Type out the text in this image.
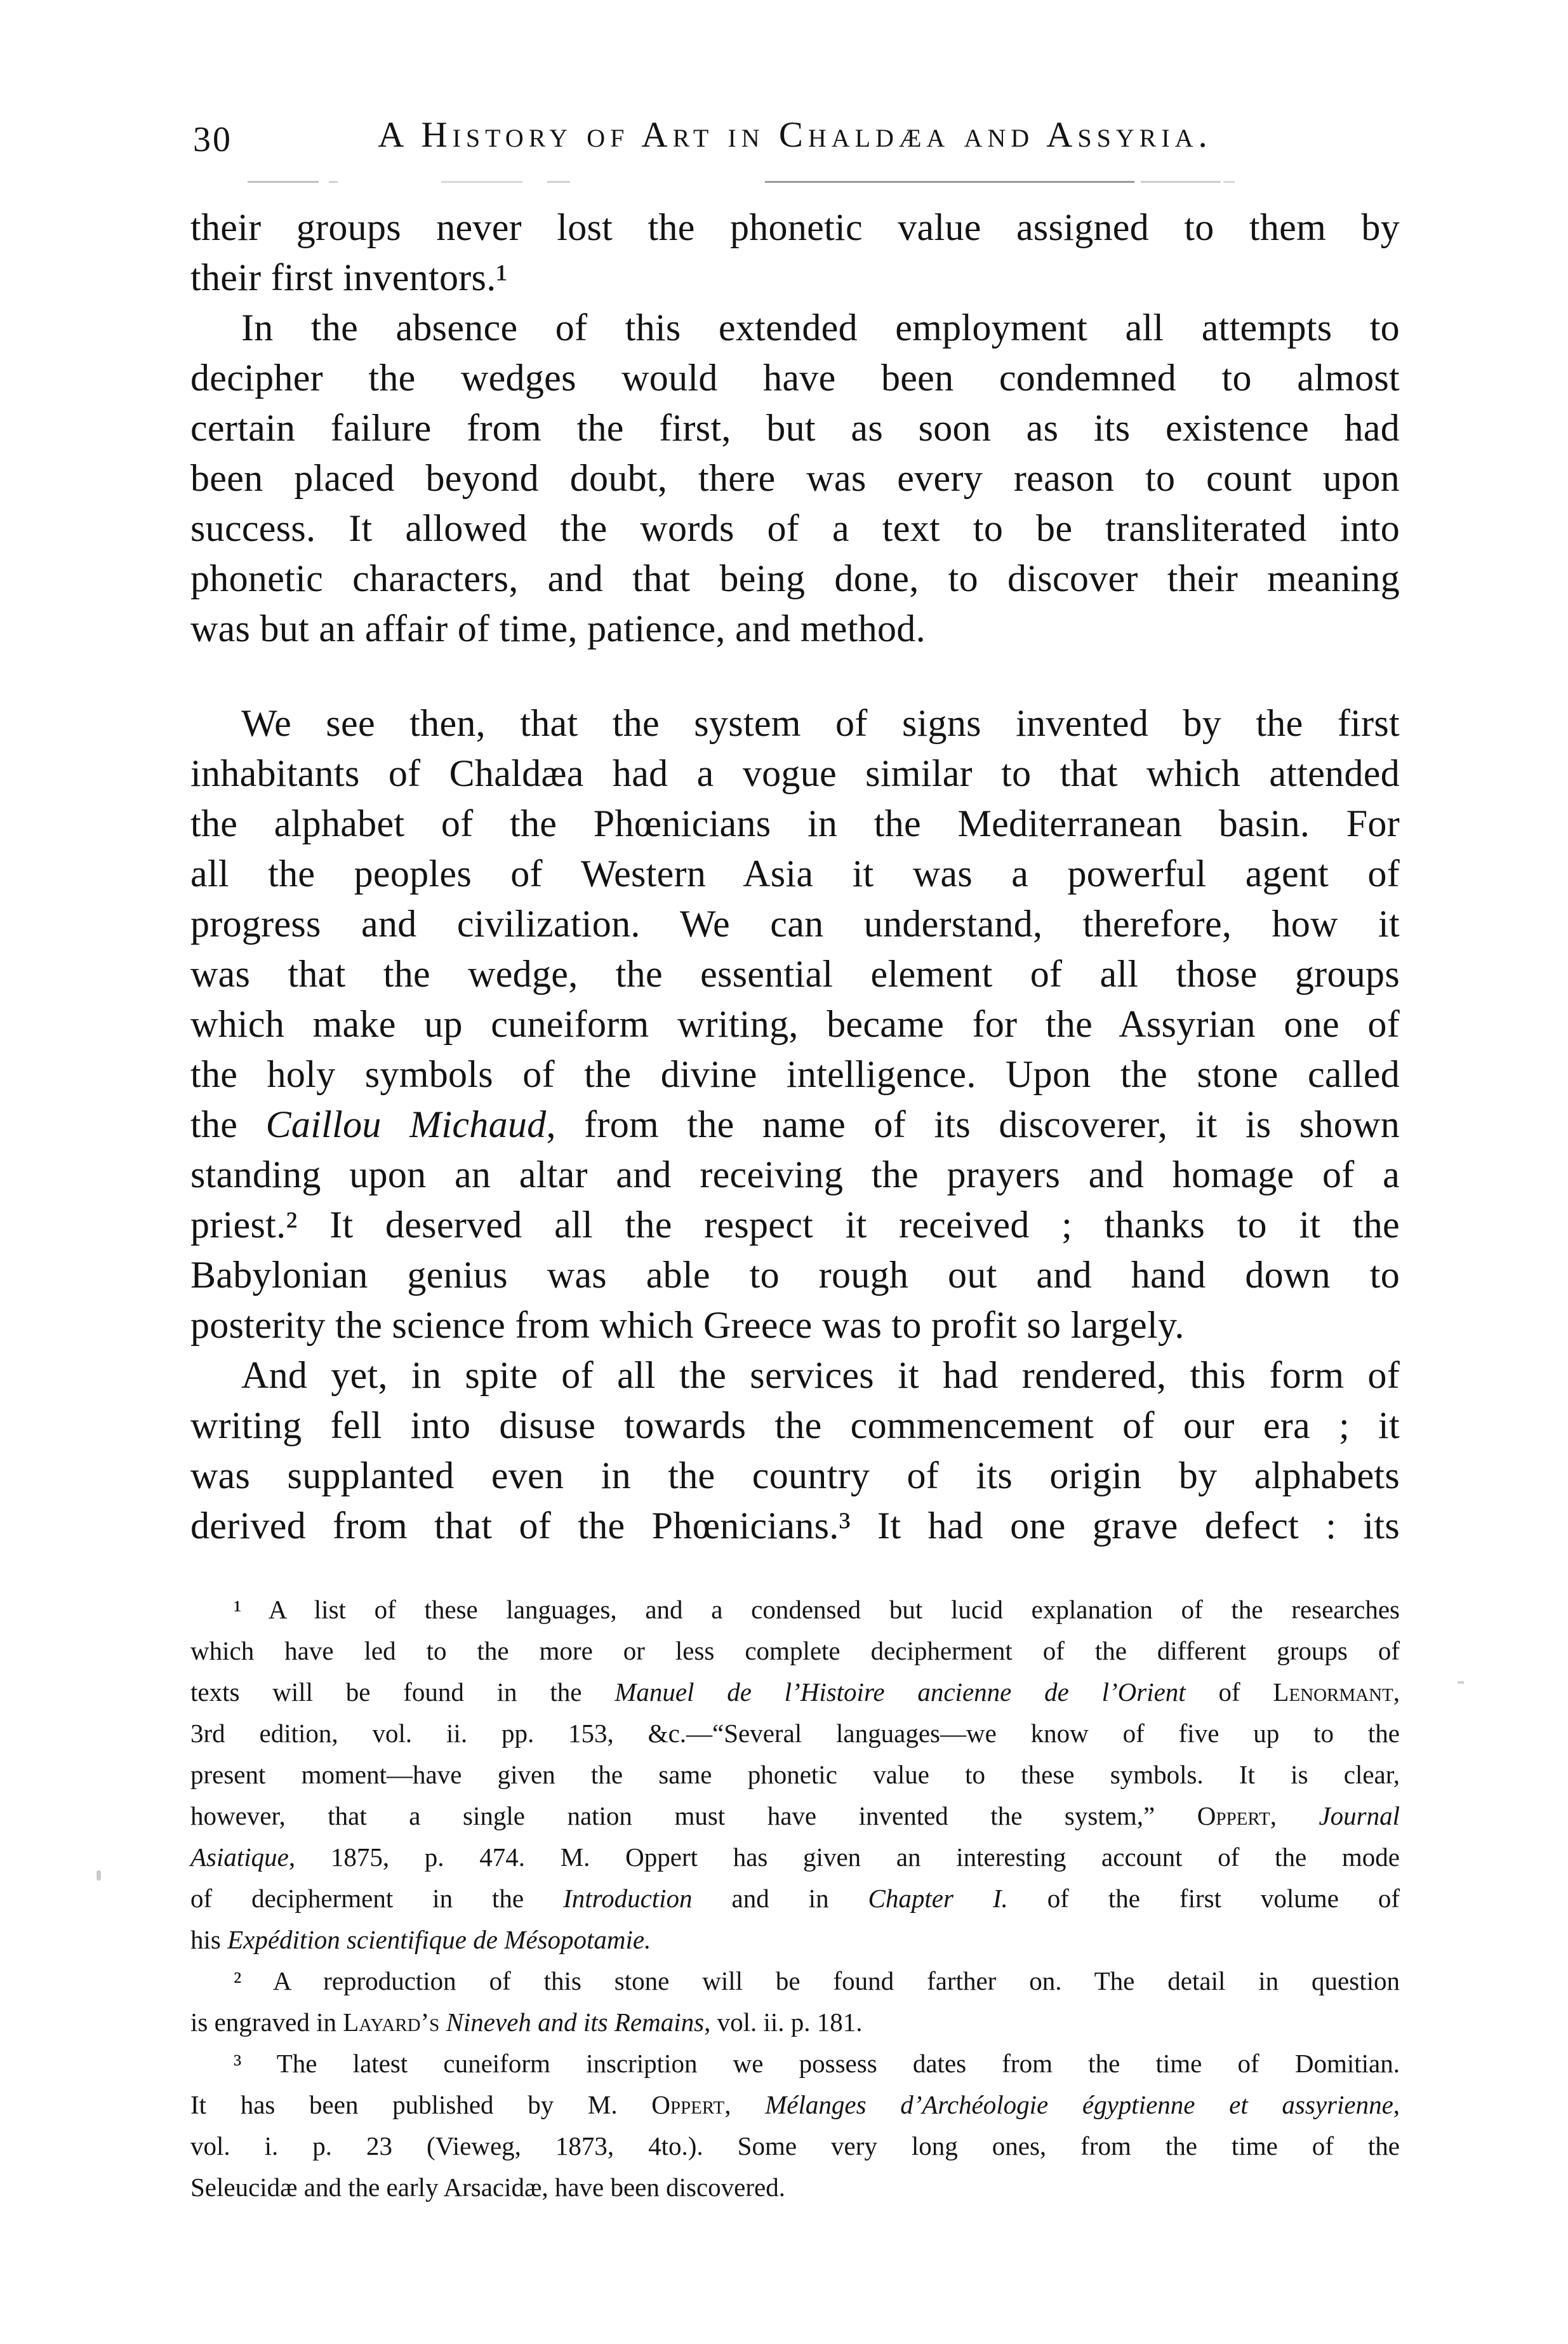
30	A History of Art in Chaldæa and Assyria.
their groups never lost the phonetic value assigned to them by
their first inventors.¹
In the absence of this extended employment all attempts to
decipher the wedges would have been condemned to almost
certain failure from the first, but as soon as its existence had
been placed beyond doubt, there was every reason to count upon
success. It allowed the words of a text to be transliterated into
phonetic characters, and that being done, to discover their meaning
was but an affair of time, patience, and method.
We see then, that the system of signs invented by the first
inhabitants of Chaldæa had a vogue similar to that which attended
the alphabet of the Phœnicians in the Mediterranean basin. For
all the peoples of Western Asia it was a powerful agent of
progress and civilization. We can understand, therefore, how it
was that the wedge, the essential element of all those groups
which make up cuneiform writing, became for the Assyrian one of
the holy symbols of the divine intelligence. Upon the stone called
the Caillou Michaud, from the name of its discoverer, it is shown
standing upon an altar and receiving the prayers and homage of a
priest.² It deserved all the respect it received ; thanks to it the
Babylonian genius was able to rough out and hand down to
posterity the science from which Greece was to profit so largely.
And yet, in spite of all the services it had rendered, this form of
writing fell into disuse towards the commencement of our era ; it
was supplanted even in the country of its origin by alphabets
derived from that of the Phœnicians.³ It had one grave defect : its
¹ A list of these languages, and a condensed but lucid explanation of the researches
which have led to the more or less complete decipherment of the different groups of
texts will be found in the Manuel de l’Histoire ancienne de l’Orient of Lenormant,
3rd edition, vol. ii. pp. 153, &c.—“Several languages—we know of five up to the
present moment—have given the same phonetic value to these symbols. It is clear,
however, that a single nation must have invented the system,” Oppert, Journal
Asiatique, 1875, p. 474. M. Oppert has given an interesting account of the mode
of decipherment in the Introduction and in Chapter I. of the first volume of
his Expédition scientifique de Mésopotamie.
² A reproduction of this stone will be found farther on. The detail in question
is engraved in Layard’s Nineveh and its Remains, vol. ii. p. 181.
³ The latest cuneiform inscription we possess dates from the time of Domitian.
It has been published by M. Oppert, Mélanges d’Archéologie égyptienne et assyrienne,
vol. i. p. 23 (Vieweg, 1873, 4to.). Some very long ones, from the time of the
Seleucidæ and the early Arsacidæ, have been discovered.
